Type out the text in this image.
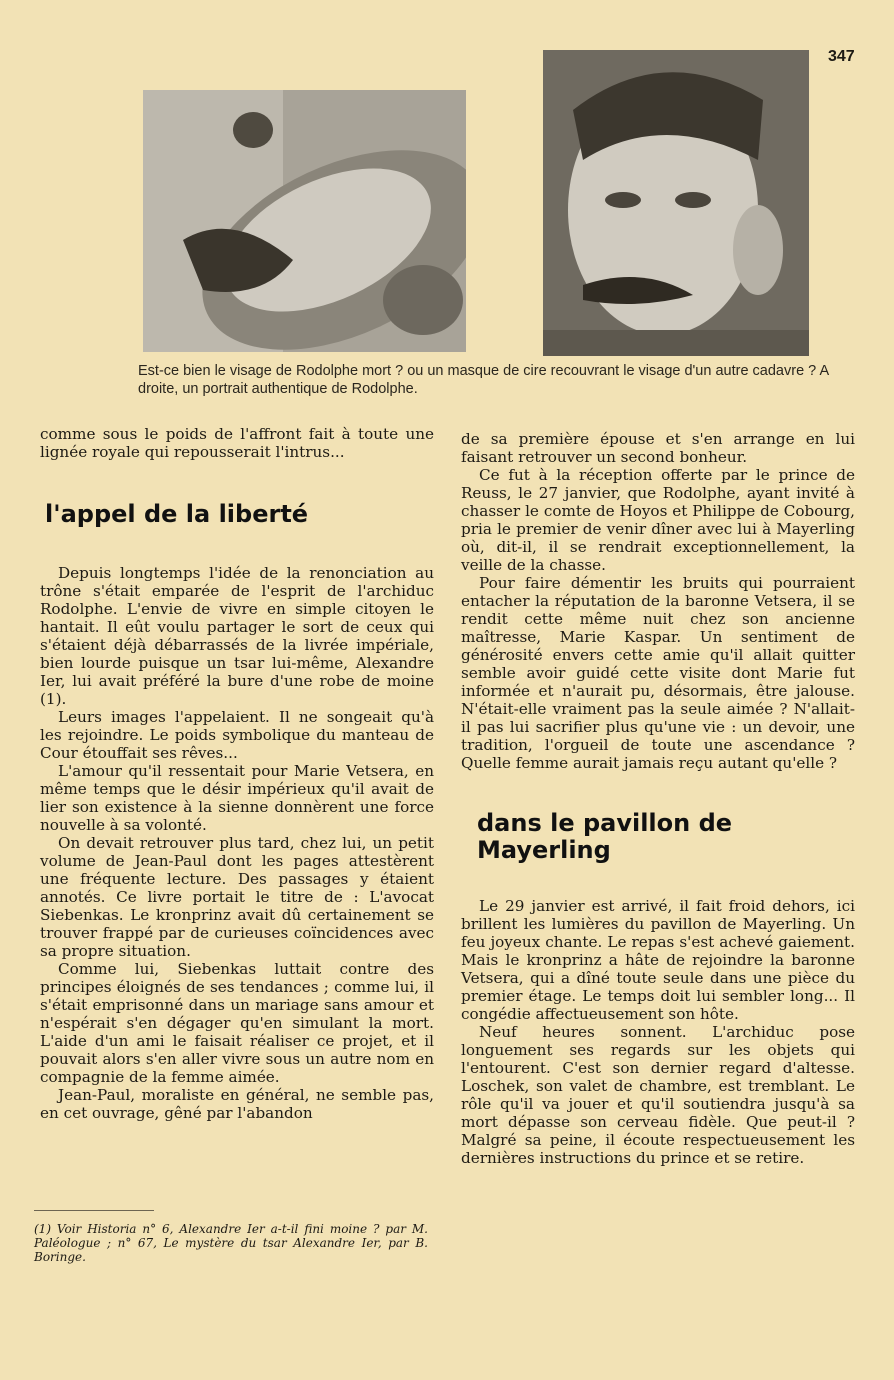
347
Est-ce bien le visage de Rodolphe mort ? ou un masque de cire recouvrant le visage d'un autre cadavre ? A droite, un portrait authentique de Rodolphe.

comme sous le poids de l'affront fait à toute une lignée royale qui repousserait l'intrus...

l'appel de la liberté

Depuis longtemps l'idée de la renonciation au trône s'était emparée de l'esprit de l'archiduc Rodolphe. L'envie de vivre en simple citoyen le hantait. Il eût voulu partager le sort de ceux qui s'étaient déjà débarrassés de la livrée impériale, bien lourde puisque un tsar lui-même, Alexandre Ier, lui avait préféré la bure d'une robe de moine (1).

Leurs images l'appelaient. Il ne songeait qu'à les rejoindre. Le poids symbolique du manteau de Cour étouffait ses rêves...

L'amour qu'il ressentait pour Marie Vetsera, en même temps que le désir impérieux qu'il avait de lier son existence à la sienne donnèrent une force nouvelle à sa volonté.

On devait retrouver plus tard, chez lui, un petit volume de Jean-Paul dont les pages attestèrent une fréquente lecture. Des passages y étaient annotés. Ce livre portait le titre de : L'avocat Siebenkas. Le kronprinz avait dû certainement se trouver frappé par de curieuses coïncidences avec sa propre situation.

Comme lui, Siebenkas luttait contre des principes éloignés de ses tendances ; comme lui, il s'était emprisonné dans un mariage sans amour et n'espérait s'en dégager qu'en simulant la mort. L'aide d'un ami le faisait réaliser ce projet, et il pouvait alors s'en aller vivre sous un autre nom en compagnie de la femme aimée.

Jean-Paul, moraliste en général, ne semble pas, en cet ouvrage, gêné par l'abandon

(1) Voir Historia n° 6, Alexandre Ier a-t-il fini moine ? par M. Paléologue ; n° 67, Le mystère du tsar Alexandre Ier, par B. Boringe.

de sa première épouse et s'en arrange en lui faisant retrouver un second bonheur.

Ce fut à la réception offerte par le prince de Reuss, le 27 janvier, que Rodolphe, ayant invité à chasser le comte de Hoyos et Philippe de Cobourg, pria le premier de venir dîner avec lui à Mayerling où, dit-il, il se rendrait exceptionnellement, la veille de la chasse.

Pour faire démentir les bruits qui pourraient entacher la réputation de la baronne Vetsera, il se rendit cette même nuit chez son ancienne maîtresse, Marie Kaspar. Un sentiment de générosité envers cette amie qu'il allait quitter semble avoir guidé cette visite dont Marie fut informée et n'aurait pu, désormais, être jalouse. N'était-elle vraiment pas la seule aimée ? N'allait-il pas lui sacrifier plus qu'une vie : un devoir, une tradition, l'orgueil de toute une ascendance ? Quelle femme aurait jamais reçu autant qu'elle ?

dans le pavillon de Mayerling

Le 29 janvier est arrivé, il fait froid dehors, ici brillent les lumières du pavillon de Mayerling. Un feu joyeux chante. Le repas s'est achevé gaiement. Mais le kronprinz a hâte de rejoindre la baronne Vetsera, qui a dîné toute seule dans une pièce du premier étage. Le temps doit lui sembler long... Il congédie affectueusement son hôte.

Neuf heures sonnent. L'archiduc pose longuement ses regards sur les objets qui l'entourent. C'est son dernier regard d'altesse. Loschek, son valet de chambre, est tremblant. Le rôle qu'il va jouer et qu'il soutiendra jusqu'à sa mort dépasse son cerveau fidèle. Que peut-il ? Malgré sa peine, il écoute respectueusement les dernières instructions du prince et se retire.
